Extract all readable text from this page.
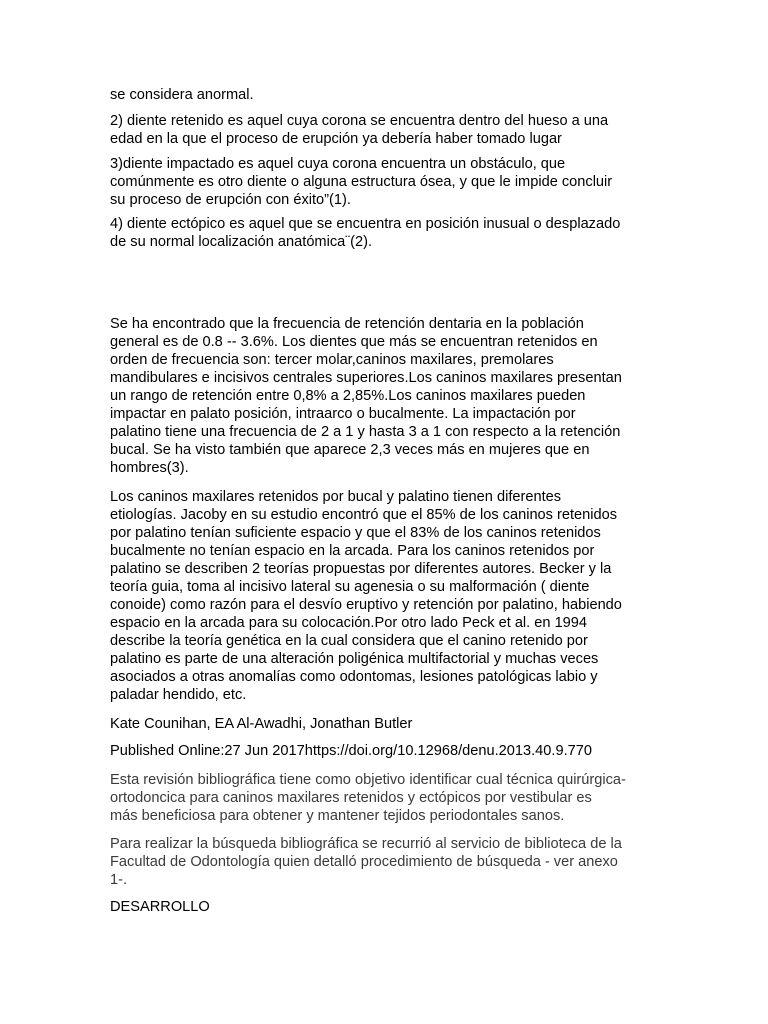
se considera anormal.

2) diente retenido es aquel cuya corona se encuentra dentro del hueso a una
edad en la que el proceso de erupción ya debería haber tomado lugar

3)diente impactado es aquel cuya corona encuentra un obstáculo, que
comúnmente es otro diente o alguna estructura ósea, y que le impide concluir
su proceso de erupción con éxito”(1).

4) diente ectópico es aquel que se encuentra en posición inusual o desplazado
de su normal localización anatómica¨(2).

Se ha encontrado que la frecuencia de retención dentaria en la población
general es de 0.8 -- 3.6%. Los dientes que más se encuentran retenidos en
orden de frecuencia son: tercer molar,caninos maxilares, premolares
mandibulares e incisivos centrales superiores.Los caninos maxilares presentan
un rango de retención entre 0,8% a 2,85%.Los caninos maxilares pueden
impactar en palato posición, intraarco o bucalmente. La impactación por
palatino tiene una frecuencia de 2 a 1 y hasta 3 a 1 con respecto a la retención
bucal. Se ha visto también que aparece 2,3 veces más en mujeres que en
hombres(3).

Los caninos maxilares retenidos por bucal y palatino tienen diferentes
etiologías. Jacoby en su estudio encontró que el 85% de los caninos retenidos
por palatino tenían suficiente espacio y que el 83% de los caninos retenidos
bucalmente no tenían espacio en la arcada. Para los caninos retenidos por
palatino se describen 2 teorías propuestas por diferentes autores. Becker y la
teoría guia, toma al incisivo lateral su agenesia o su malformación ( diente
conoide) como razón para el desvío eruptivo y retención por palatino, habiendo
espacio en la arcada para su colocación.Por otro lado Peck et al. en 1994
describe la teoría genética en la cual considera que el canino retenido por
palatino es parte de una alteración poligénica multifactorial y muchas veces
asociados a otras anomalías como odontomas, lesiones patológicas labio y
paladar hendido, etc.

Kate Counihan, EA Al-Awadhi, Jonathan Butler

Published Online:27 Jun 2017https://doi.org/10.12968/denu.2013.40.9.770

Esta revisión bibliográfica tiene como objetivo identificar cual técnica quirúrgica-
ortodoncica para caninos maxilares retenidos y ectópicos por vestibular es
más beneficiosa para obtener y mantener tejidos periodontales sanos.

Para realizar la búsqueda bibliográfica se recurrió al servicio de biblioteca de la
Facultad de Odontología quien detalló procedimiento de búsqueda - ver anexo
1-.

DESARROLLO
